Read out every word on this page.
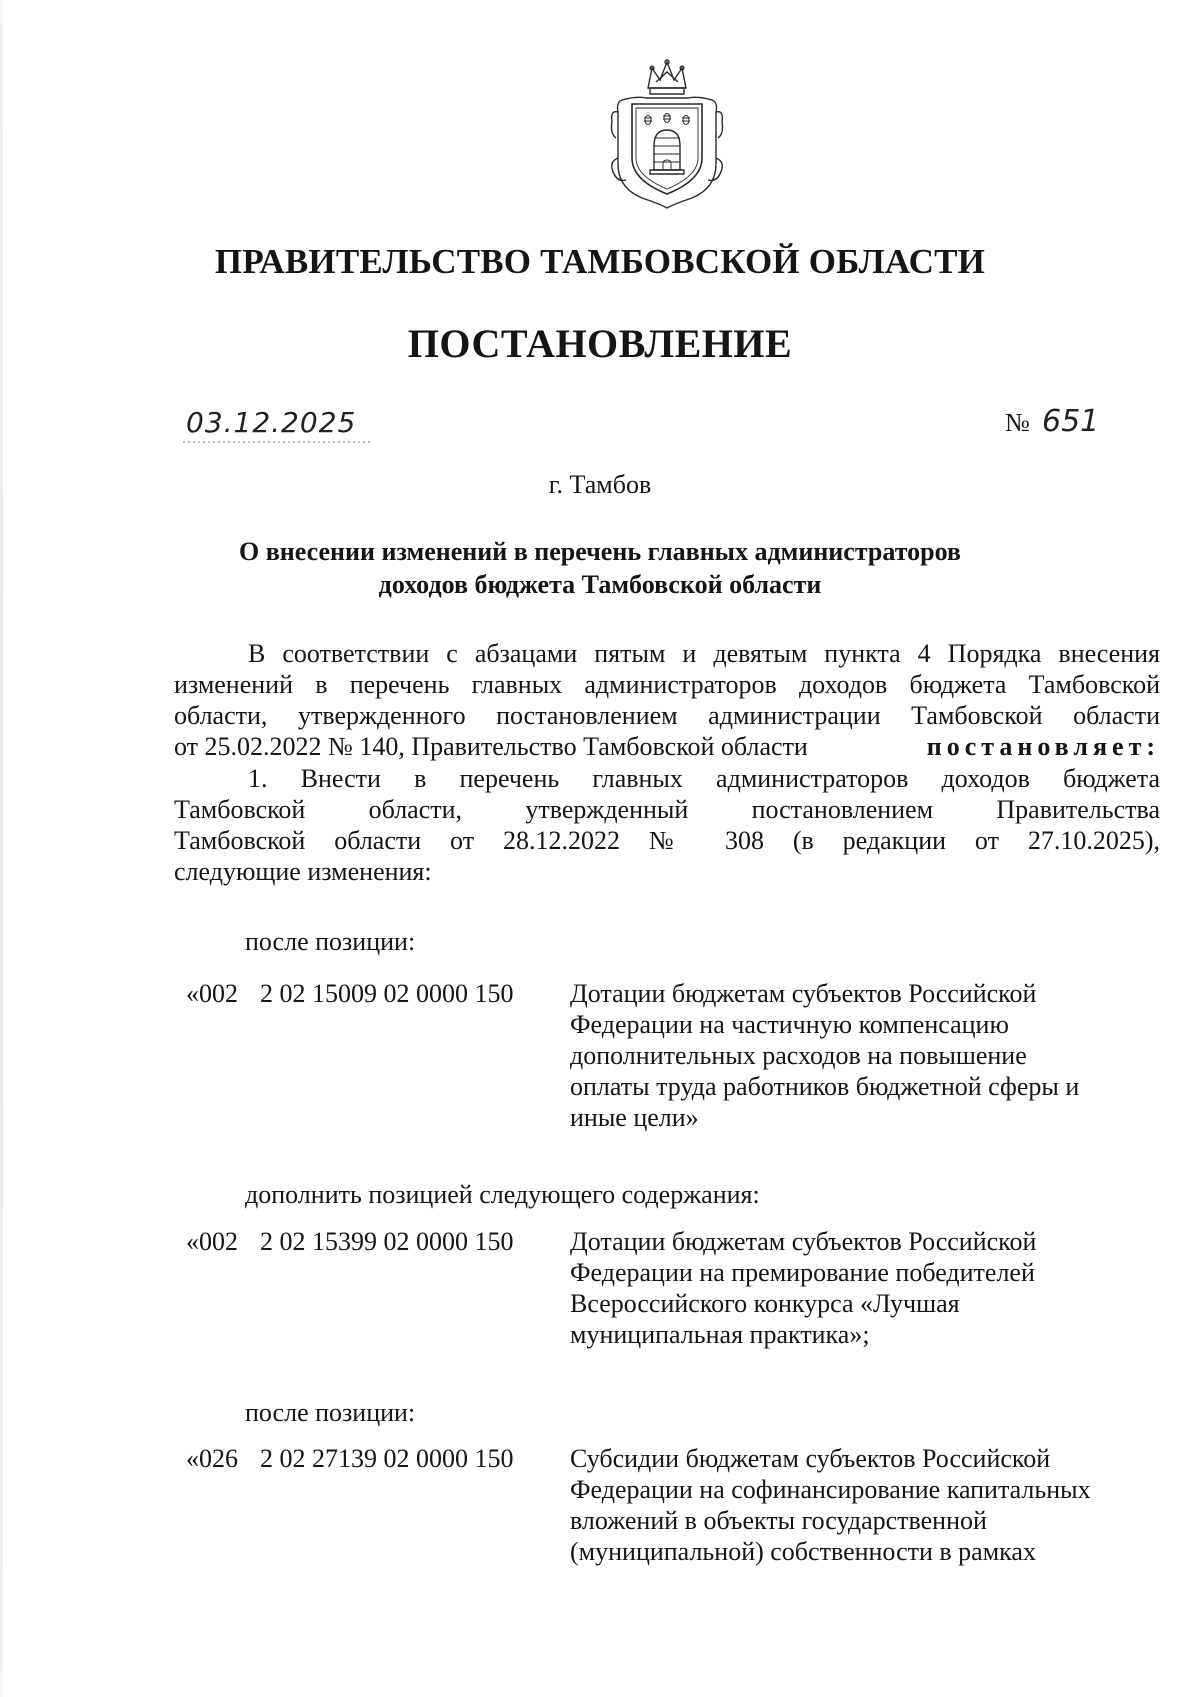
ПРАВИТЕЛЬСТВО ТАМБОВСКОЙ ОБЛАСТИ
ПОСТАНОВЛЕНИЕ
03.12.2025	№ 651
г. Тамбов
О внесении изменений в перечень главных администраторов
доходов бюджета Тамбовской области
В соответствии с абзацами пятым и девятым пункта 4 Порядка внесения
изменений в перечень главных администраторов доходов бюджета Тамбовской
области, утвержденного постановлением администрации Тамбовской области
от 25.02.2022 № 140, Правительство Тамбовской области	постановляет:
1. Внести в перечень главных администраторов доходов бюджета
Тамбовской области, утвержденный постановлением Правительства
Тамбовской области от 28.12.2022 № 308 (в редакции от 27.10.2025),
следующие изменения:
после позиции:
«002 2 02 15009 02 0000 150 Дотации бюджетам субъектов Российской
Федерации на частичную компенсацию
дополнительных расходов на повышение
оплаты труда работников бюджетной сферы и
иные цели»
дополнить позицией следующего содержания:
«002 2 02 15399 02 0000 150 Дотации бюджетам субъектов Российской
Федерации на премирование победителей
Всероссийского конкурса «Лучшая
муниципальная практика»;
после позиции:
«026 2 02 27139 02 0000 150 Субсидии бюджетам субъектов Российской
Федерации на софинансирование капитальных
вложений в объекты государственной
(муниципальной) собственности в рамках
